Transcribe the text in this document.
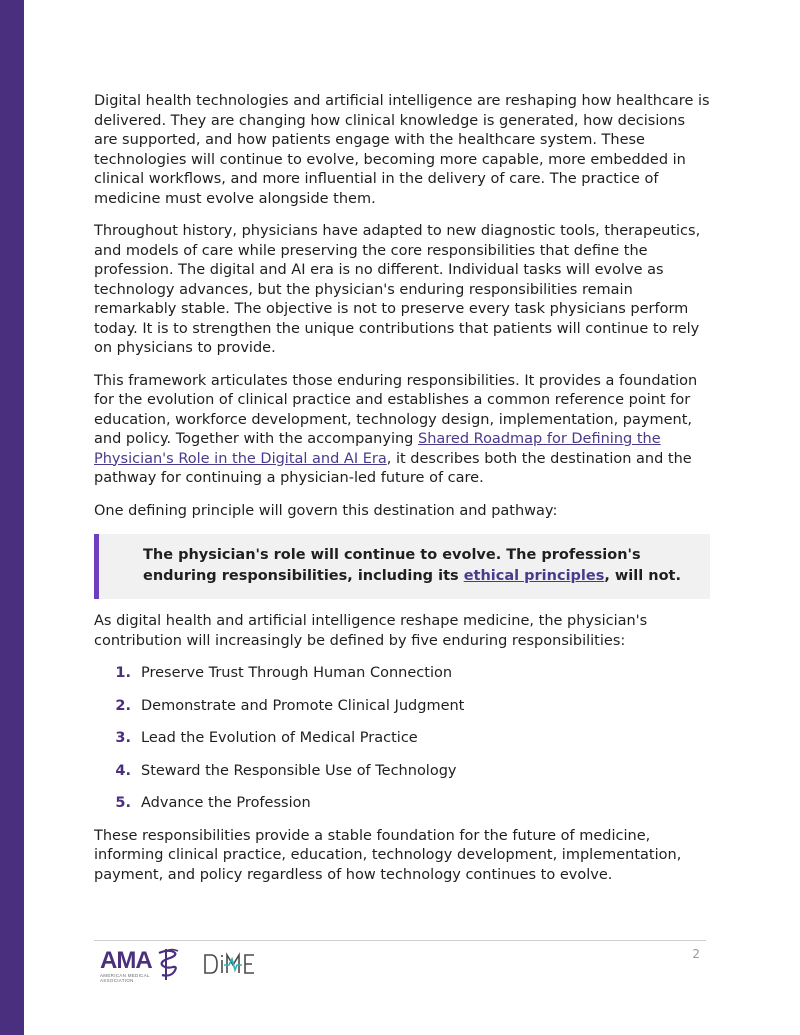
Digital health technologies and artificial intelligence are reshaping how healthcare is delivered. They are changing how clinical knowledge is generated, how decisions are supported, and how patients engage with the healthcare system. These technologies will continue to evolve, becoming more capable, more embedded in clinical workflows, and more influential in the delivery of care. The practice of medicine must evolve alongside them.

Throughout history, physicians have adapted to new diagnostic tools, therapeutics, and models of care while preserving the core responsibilities that define the profession. The digital and AI era is no different. Individual tasks will evolve as technology advances, but the physician's enduring responsibilities remain remarkably stable. The objective is not to preserve every task physicians perform today. It is to strengthen the unique contributions that patients will continue to rely on physicians to provide.

This framework articulates those enduring responsibilities. It provides a foundation for the evolution of clinical practice and establishes a common reference point for education, workforce development, technology design, implementation, payment, and policy. Together with the accompanying Shared Roadmap for Defining the Physician's Role in the Digital and AI Era, it describes both the destination and the pathway for continuing a physician-led future of care.

One defining principle will govern this destination and pathway:

The physician's role will continue to evolve. The profession's enduring responsibilities, including its ethical principles, will not.

As digital health and artificial intelligence reshape medicine, the physician's contribution will increasingly be defined by five enduring responsibilities:

1. Preserve Trust Through Human Connection
2. Demonstrate and Promote Clinical Judgment
3. Lead the Evolution of Medical Practice
4. Steward the Responsible Use of Technology
5. Advance the Profession

These responsibilities provide a stable foundation for the future of medicine, informing clinical practice, education, technology development, implementation, payment, and policy regardless of how technology continues to evolve.

AMA
AMERICAN MEDICAL
ASSOCIATION
2
